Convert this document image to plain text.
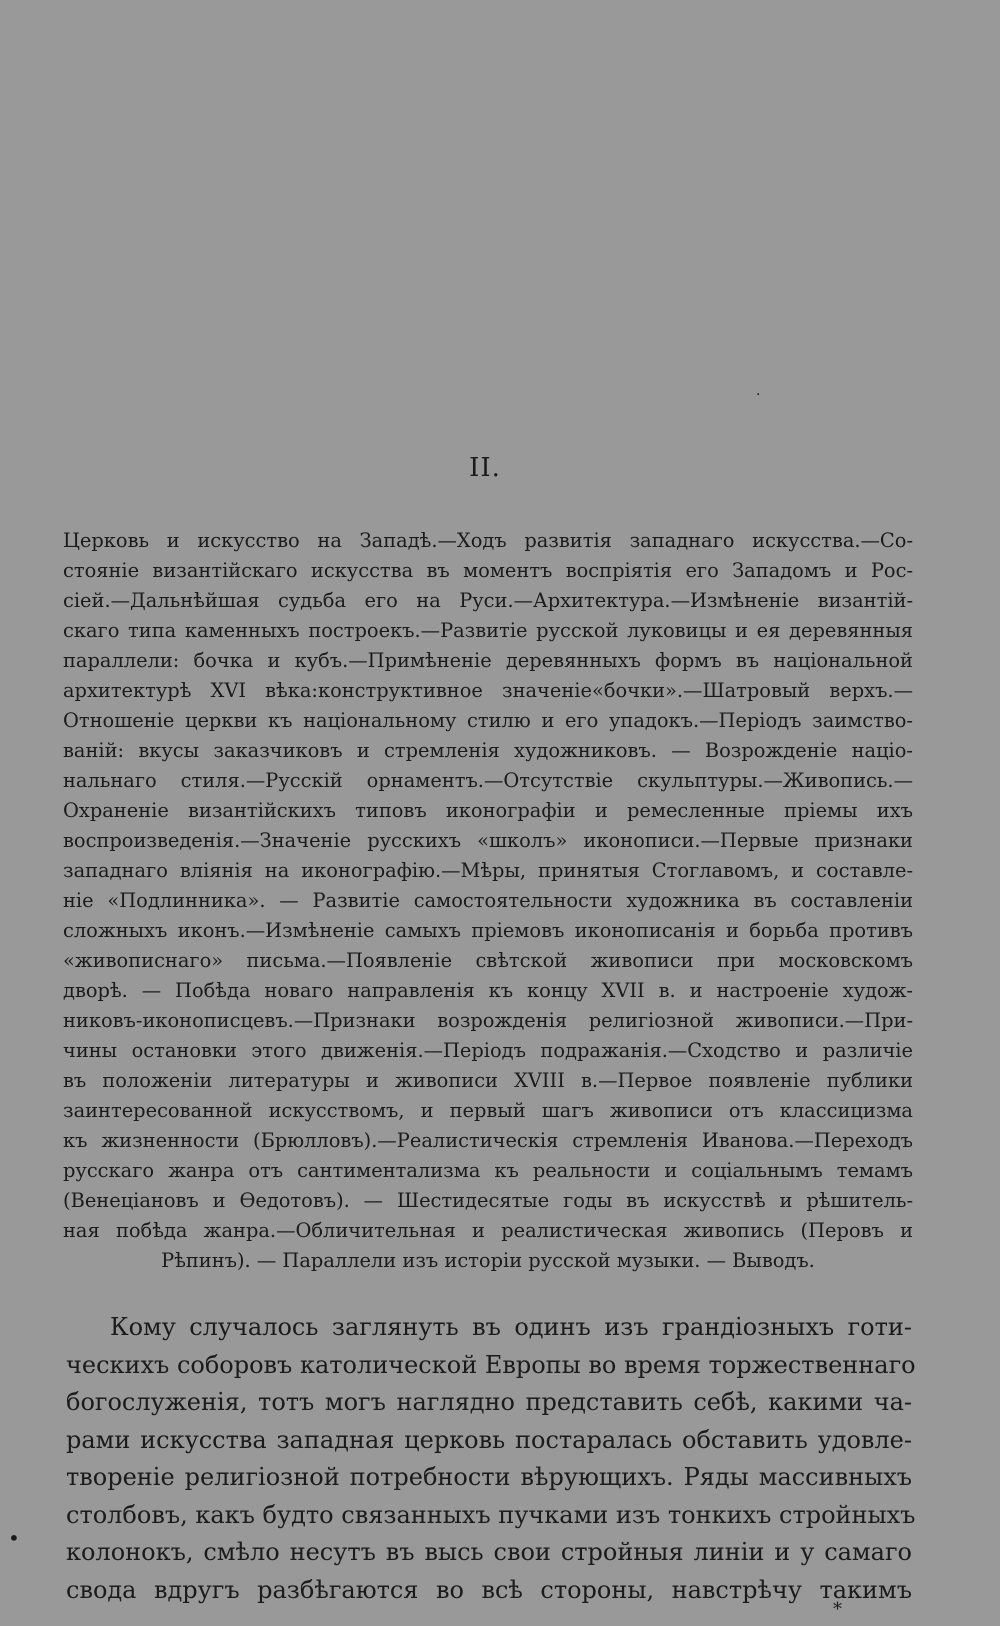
·
II.
Церковь и искусство на Западѣ.—Ходъ развитія западнаго искусства.—Со-
стояніе византійскаго искусства въ моментъ воспріятія его Западомъ и Рос-
сіей.—Дальнѣйшая судьба его на Руси.—Архитектура.—Измѣненіе византій-
скаго типа каменныхъ построекъ.—Развитіе русской луковицы и ея деревянныя
параллели: бочка и кубъ.—Примѣненіе деревянныхъ формъ въ національной
архитектурѣ XVI вѣка:конструктивное значеніе«бочки».—Шатровый верхъ.—
Отношеніе церкви къ національному стилю и его упадокъ.—Періодъ заимство-
ваній: вкусы заказчиковъ и стремленія художниковъ. — Возрожденіе націо-
нальнаго стиля.—Русскій орнаментъ.—Отсутствіе скульптуры.—Живопись.—
Охраненіе византійскихъ типовъ иконографіи и ремесленные пріемы ихъ
воспроизведенія.—Значеніе русскихъ «школъ» иконописи.—Первые признаки
западнаго вліянія на иконографію.—Мѣры, принятыя Стоглавомъ, и составле-
ніе «Подлинника». — Развитіе самостоятельности художника въ составленіи
сложныхъ иконъ.—Измѣненіе самыхъ пріемовъ иконописанія и борьба противъ
«живописнаго» письма.—Появленіе свѣтской живописи при московскомъ
дворѣ. — Побѣда новаго направленія къ концу XVII в. и настроеніе худож-
никовъ-иконописцевъ.—Признаки возрожденія религіозной живописи.—При-
чины остановки этого движенія.—Періодъ подражанія.—Сходство и различіе
въ положеніи литературы и живописи XVIII в.—Первое появленіе публики
заинтересованной искусствомъ, и первый шагъ живописи отъ классицизма
къ жизненности (Брюлловъ).—Реалистическія стремленія Иванова.—Переходъ
русскаго жанра отъ сантиментализма къ реальности и соціальнымъ темамъ
(Венеціановъ и Ѳедотовъ). — Шестидесятые годы въ искусствѣ и рѣшитель-
ная побѣда жанра.—Обличительная и реалистическая живопись (Перовъ и
Рѣпинъ). — Параллели изъ исторіи русской музыки. — Выводъ.
Кому случалось заглянуть въ одинъ изъ грандіозныхъ готи-
ческихъ соборовъ католической Европы во время торжественнаго
богослуженія, тотъ могъ наглядно представить себѣ, какими ча-
рами искусства западная церковь постаралась обставить удовле-
твореніе религіозной потребности вѣрующихъ. Ряды массивныхъ
столбовъ, какъ будто связанныхъ пучками изъ тонкихъ стройныхъ
колонокъ, смѣло несутъ въ высь свои стройныя линіи и у самаго
свода вдругъ разбѣгаются во всѣ стороны, навстрѣчу такимъ
•
*
